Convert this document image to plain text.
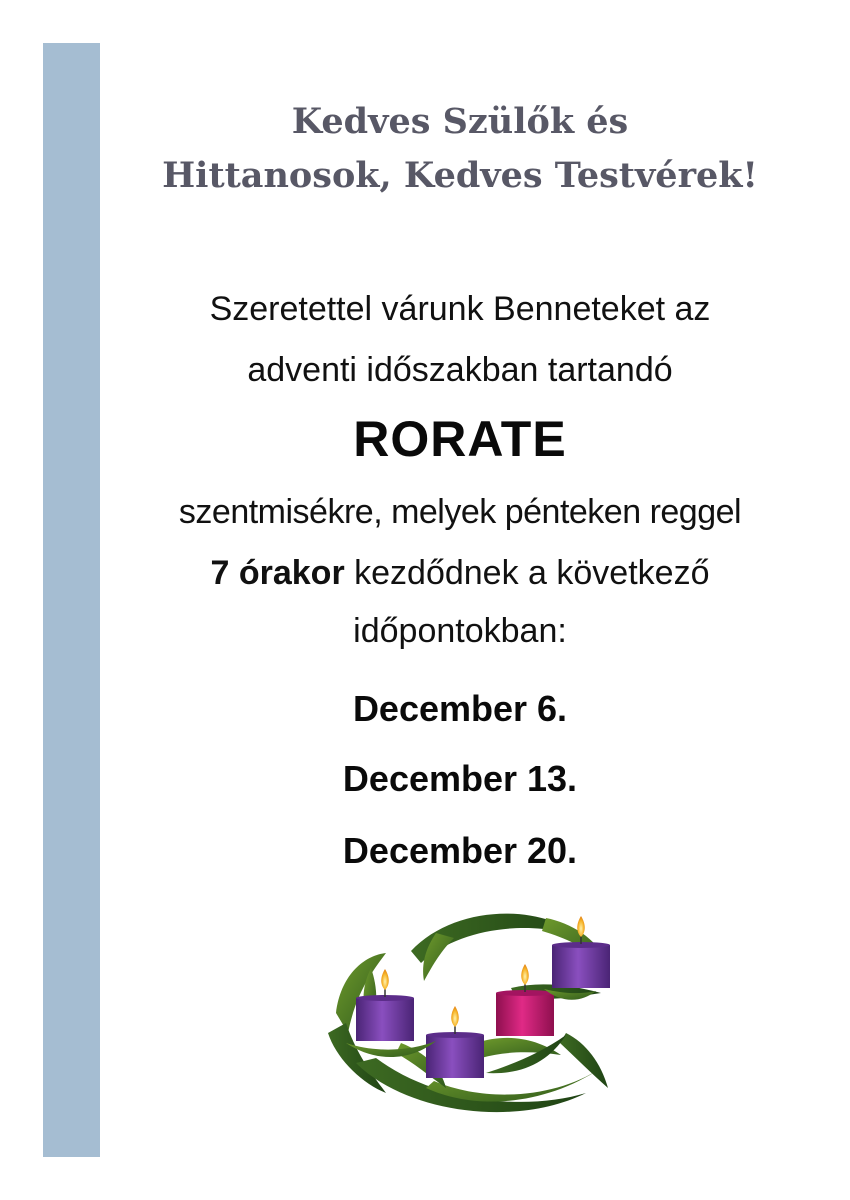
Kedves Szülők és
Hittanosok, Kedves Testvérek!
Szeretettel várunk Benneteket az
adventi időszakban tartandó
RORATE
szentmisékre, melyek pénteken reggel
7 órakor kezdődnek a következő
időpontokban:
December 6.
December 13.
December 20.
